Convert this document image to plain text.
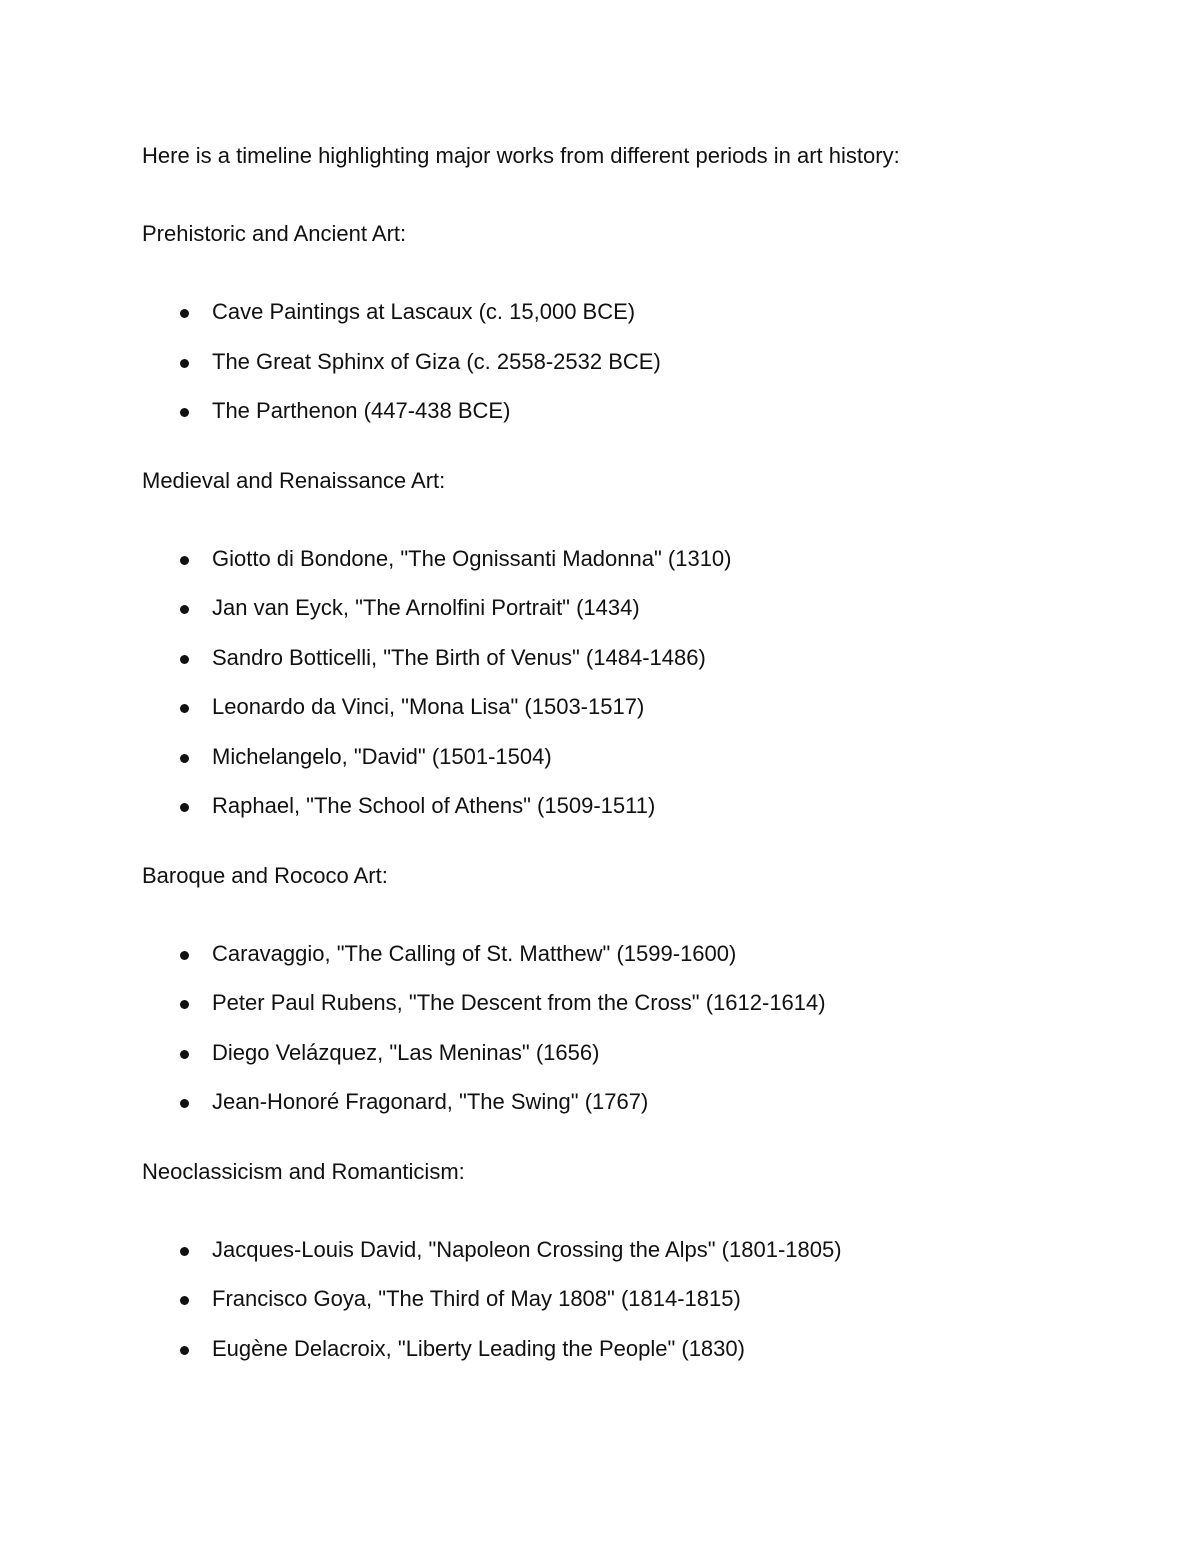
Here is a timeline highlighting major works from different periods in art history:

Prehistoric and Ancient Art:
Cave Paintings at Lascaux (c. 15,000 BCE)
The Great Sphinx of Giza (c. 2558-2532 BCE)
The Parthenon (447-438 BCE)
Medieval and Renaissance Art:
Giotto di Bondone, "The Ognissanti Madonna" (1310)
Jan van Eyck, "The Arnolfini Portrait" (1434)
Sandro Botticelli, "The Birth of Venus" (1484-1486)
Leonardo da Vinci, "Mona Lisa" (1503-1517)
Michelangelo, "David" (1501-1504)
Raphael, "The School of Athens" (1509-1511)
Baroque and Rococo Art:
Caravaggio, "The Calling of St. Matthew" (1599-1600)
Peter Paul Rubens, "The Descent from the Cross" (1612-1614)
Diego Velázquez, "Las Meninas" (1656)
Jean-Honoré Fragonard, "The Swing" (1767)
Neoclassicism and Romanticism:
Jacques-Louis David, "Napoleon Crossing the Alps" (1801-1805)
Francisco Goya, "The Third of May 1808" (1814-1815)
Eugène Delacroix, "Liberty Leading the People" (1830)
